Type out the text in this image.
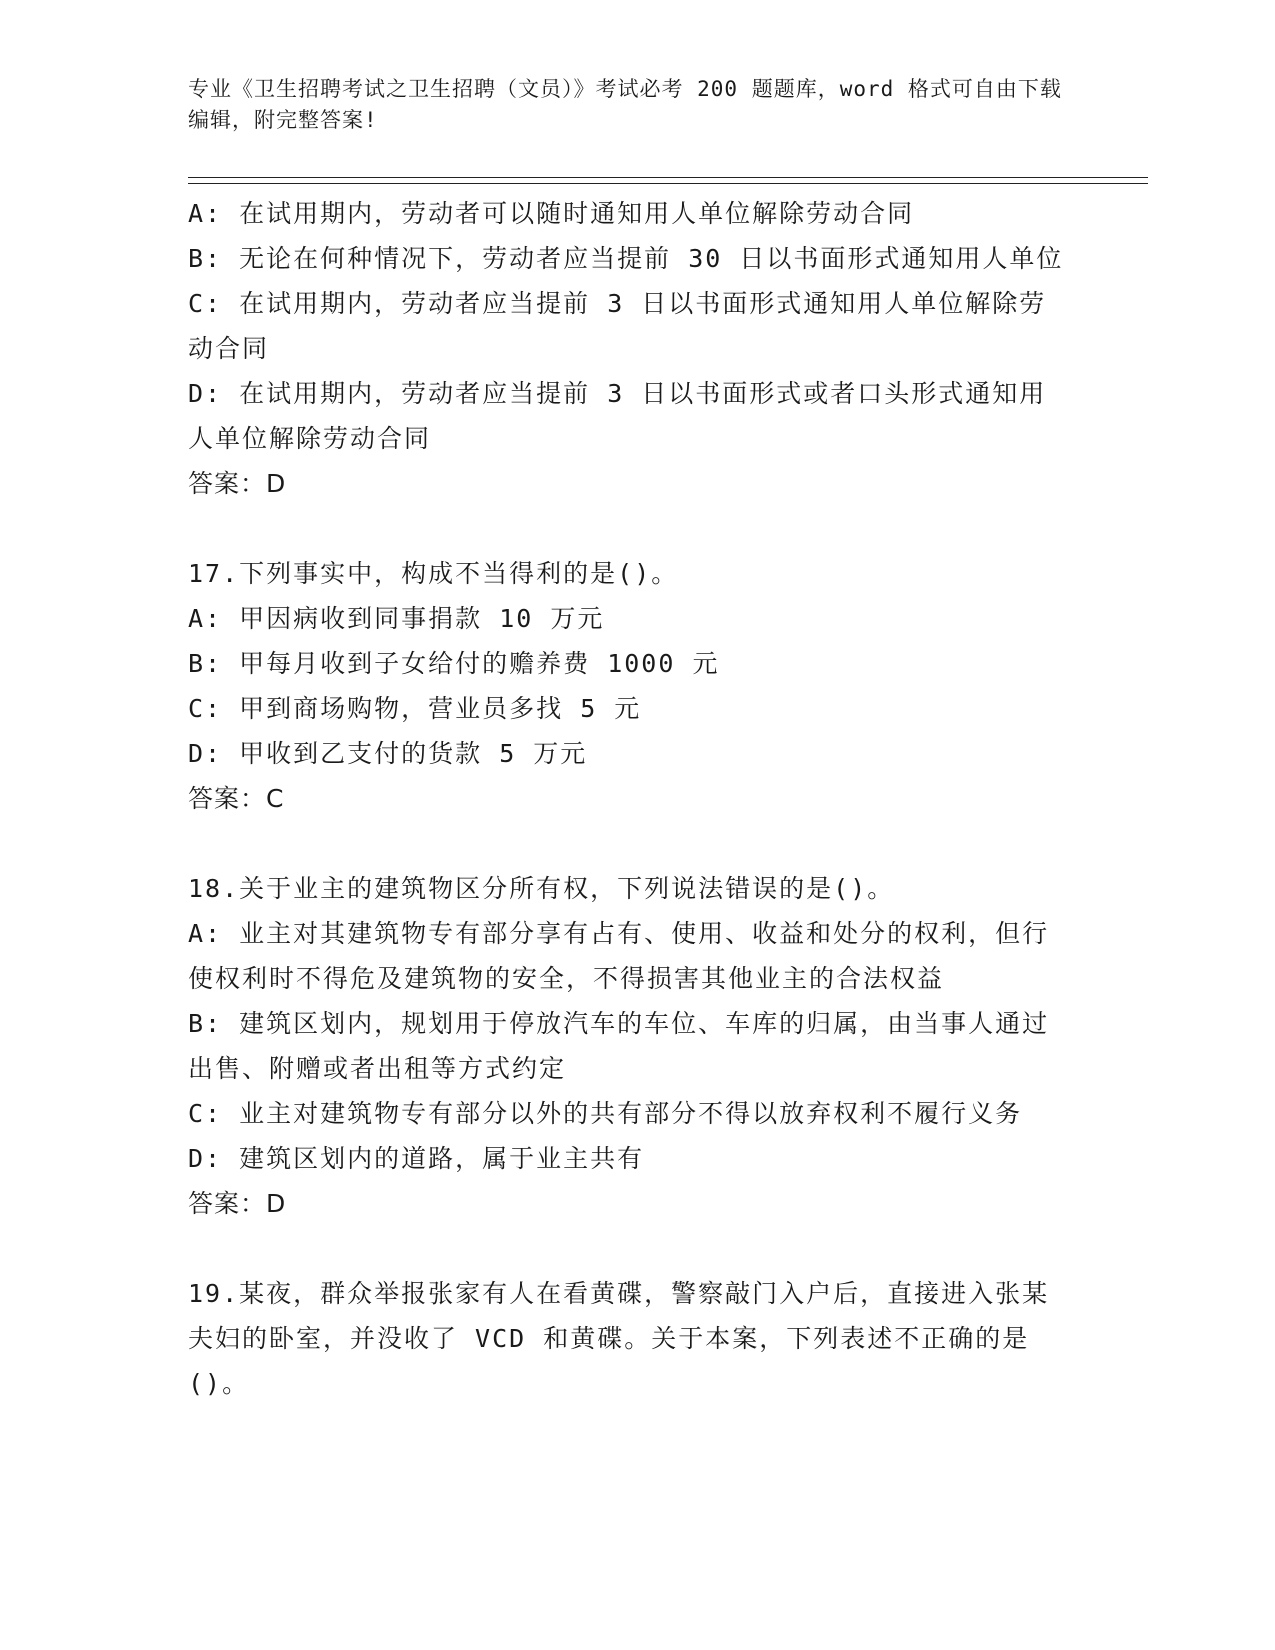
专业《卫生招聘考试之卫生招聘（文员）》考试必考 200 题题库，word 格式可自由下载编辑，附完整答案!

A: 在试用期内，劳动者可以随时通知用人单位解除劳动合同

B: 无论在何种情况下，劳动者应当提前 30 日以书面形式通知用人单位

C: 在试用期内，劳动者应当提前 3 日以书面形式通知用人单位解除劳动合同

D: 在试用期内，劳动者应当提前 3 日以书面形式或者口头形式通知用人单位解除劳动合同

答案：D

17.下列事实中，构成不当得利的是()。

A: 甲因病收到同事捐款 10 万元

B: 甲每月收到子女给付的赡养费 1000 元

C: 甲到商场购物，营业员多找 5 元

D: 甲收到乙支付的货款 5 万元

答案：C

18.关于业主的建筑物区分所有权，下列说法错误的是()。

A: 业主对其建筑物专有部分享有占有、使用、收益和处分的权利，但行使权利时不得危及建筑物的安全，不得损害其他业主的合法权益

B: 建筑区划内，规划用于停放汽车的车位、车库的归属，由当事人通过出售、附赠或者出租等方式约定

C: 业主对建筑物专有部分以外的共有部分不得以放弃权利不履行义务

D: 建筑区划内的道路，属于业主共有

答案：D

19.某夜，群众举报张家有人在看黄碟，警察敲门入户后，直接进入张某夫妇的卧室，并没收了 VCD 和黄碟。关于本案，下列表述不正确的是()。
